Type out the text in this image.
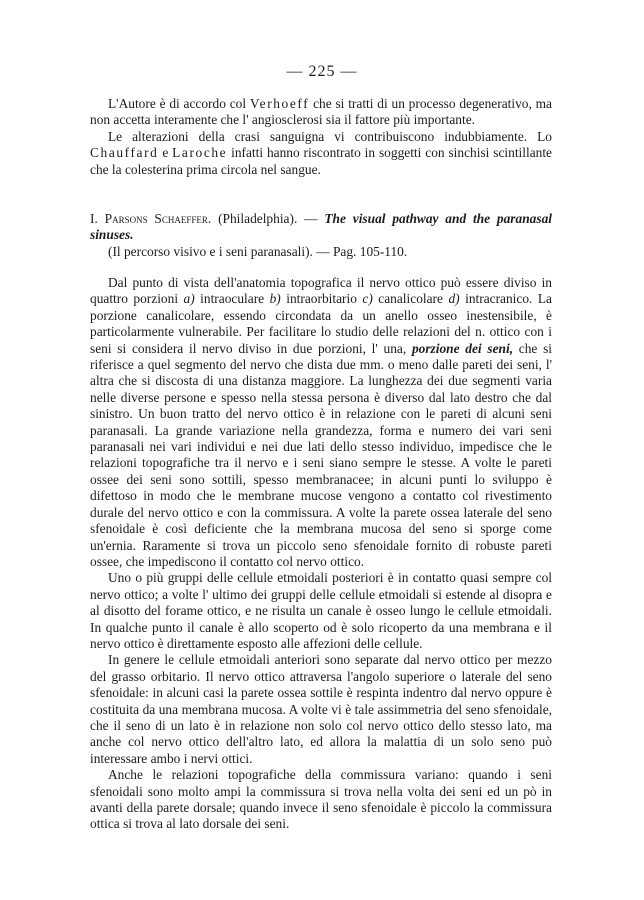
— 225 —

L'Autore è di accordo col Verhoeff che si tratti di un processo degenerativo, ma non accetta interamente che l' angiosclerosi sia il fattore più importante.

Le alterazioni della crasi sanguigna vi contribuiscono indubbiamente. Lo Chauffard e Laroche infatti hanno riscontrato in soggetti con sinchisi scintillante che la colesterina prima circola nel sangue.

I. Parsons Schaeffer. (Philadelphia). — The visual pathway and the paranasal sinuses.
(Il percorso visivo e i seni paranasali). — Pag. 105-110.

Dal punto di vista dell'anatomia topografica il nervo ottico può essere diviso in quattro porzioni a) intraoculare b) intraorbitario c) canalicolare d) intracranico. La porzione canalicolare, essendo circondata da un anello osseo inestensibile, è particolarmente vulnerabile. Per facilitare lo studio delle relazioni del n. ottico con i seni si considera il nervo diviso in due porzioni, l' una, porzione dei seni, che si riferisce a quel segmento del nervo che dista due mm. o meno dalle pareti dei seni, l' altra che si discosta di una distanza maggiore. La lunghezza dei due segmenti varia nelle diverse persone e spesso nella stessa persona è diverso dal lato destro che dal sinistro. Un buon tratto del nervo ottico è in relazione con le pareti di alcuni seni paranasali. La grande variazione nella grandezza, forma e numero dei vari seni paranasali nei vari individui e nei due lati dello stesso individuo, impedisce che le relazioni topografiche tra il nervo e i seni siano sempre le stesse. A volte le pareti ossee dei seni sono sottili, spesso membranacee; in alcuni punti lo sviluppo è difettoso in modo che le membrane mucose vengono a contatto col rivestimento durale del nervo ottico e con la commissura. A volte la parete ossea laterale del seno sfenoidale è così deficiente che la membrana mucosa del seno si sporge come un'ernia. Raramente si trova un piccolo seno sfenoidale fornito di robuste pareti ossee, che impediscono il contatto col nervo ottico.

Uno o più gruppi delle cellule etmoidali posteriori è in contatto quasi sempre col nervo ottico; a volte l' ultimo dei gruppi delle cellule etmoidali si estende al disopra e al disotto del forame ottico, e ne risulta un canale è osseo lungo le cellule etmoidali. In qualche punto il canale è allo scoperto od è solo ricoperto da una membrana e il nervo ottico è direttamente esposto alle affezioni delle cellule.

In genere le cellule etmoidali anteriori sono separate dal nervo ottico per mezzo del grasso orbitario. Il nervo ottico attraversa l'angolo superiore o laterale del seno sfenoidale: in alcuni casi la parete ossea sottile è respinta indentro dal nervo oppure è costituita da una membrana mucosa. A volte vi è tale assimmetria del seno sfenoidale, che il seno di un lato è in relazione non solo col nervo ottico dello stesso lato, ma anche col nervo ottico dell'altro lato, ed allora la malattia di un solo seno può interessare ambo i nervi ottici.

Anche le relazioni topografiche della commissura variano: quando i seni sfenoidali sono molto ampi la commissura si trova nella volta dei seni ed un pò in avanti della parete dorsale; quando invece il seno sfenoidale è piccolo la commissura ottica si trova al lato dorsale dei seni.
